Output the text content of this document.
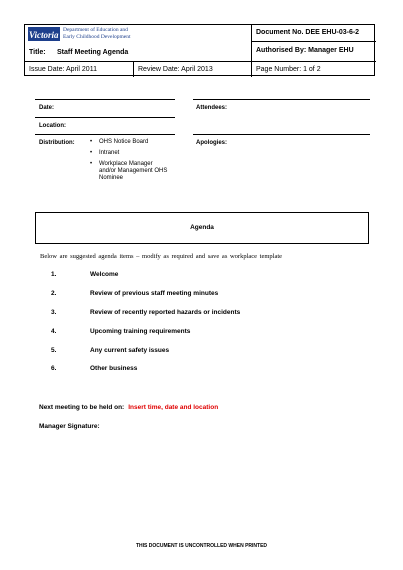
Victoria Department of Education and
Early Childhood Development
Title: Staff Meeting Agenda
Document No. DEE EHU-03-6-2
Authorised By: Manager EHU
Issue Date: April 2011	Review Date: April 2013	Page Number: 1 of 2
Date:	Attendees:
Location:
Distribution:	Apologies:
• OHS Notice Board
• Intranet
• Workplace Manager and/or Management OHS Nominee
Agenda
Below are suggested agenda items – modify as required and save as workplace template
1.	Welcome
2.	Review of previous staff meeting minutes
3.	Review of recently reported hazards or incidents
4.	Upcoming training requirements
5.	Any current safety issues
6.	Other business
Next meeting to be held on: Insert time, date and location
Manager Signature:
THIS DOCUMENT IS UNCONTROLLED WHEN PRINTED
